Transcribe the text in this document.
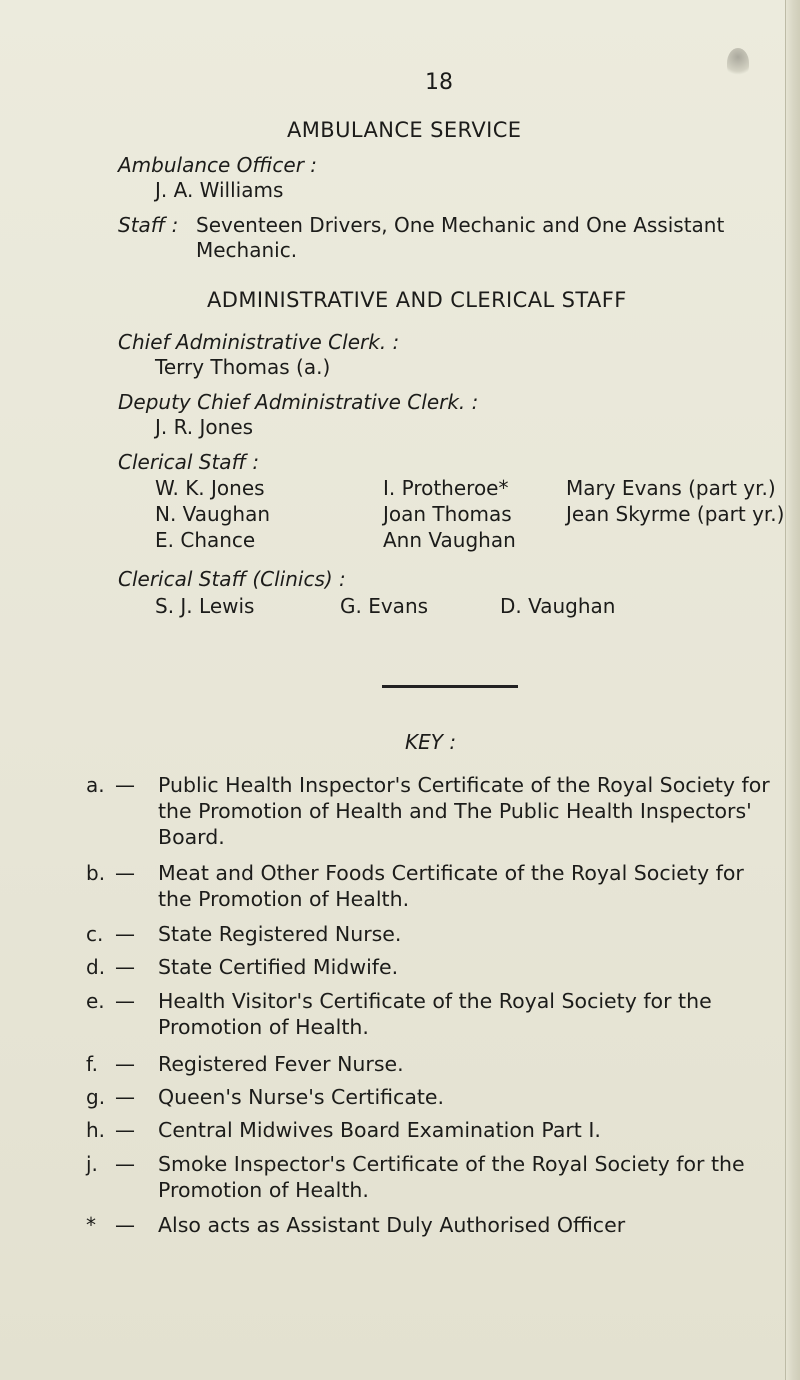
18
AMBULANCE SERVICE
Ambulance Officer :
J. A. Williams
Staff : Seventeen Drivers, One Mechanic and One Assistant
Mechanic.
ADMINISTRATIVE AND CLERICAL STAFF
Chief Administrative Clerk. :
Terry Thomas (a.)
Deputy Chief Administrative Clerk. :
J. R. Jones
Clerical Staff :
W. K. Jones
N. Vaughan
E. Chance
I. Protheroe*
Joan Thomas
Ann Vaughan
Mary Evans (part yr.)
Jean Skyrme (part yr.)
Clerical Staff (Clinics) :
S. J. Lewis	G. Evans	D. Vaughan
KEY :
a. — Public Health Inspector's Certificate of the Royal Society for
the Promotion of Health and The Public Health Inspectors'
Board.
b. — Meat and Other Foods Certificate of the Royal Society for
the Promotion of Health.
c. — State Registered Nurse.
d. — State Certified Midwife.
e. — Health Visitor's Certificate of the Royal Society for the
Promotion of Health.
f. — Registered Fever Nurse.
g. — Queen's Nurse's Certificate.
h. — Central Midwives Board Examination Part I.
j. — Smoke Inspector's Certificate of the Royal Society for the
Promotion of Health.
* — Also acts as Assistant Duly Authorised Officer
